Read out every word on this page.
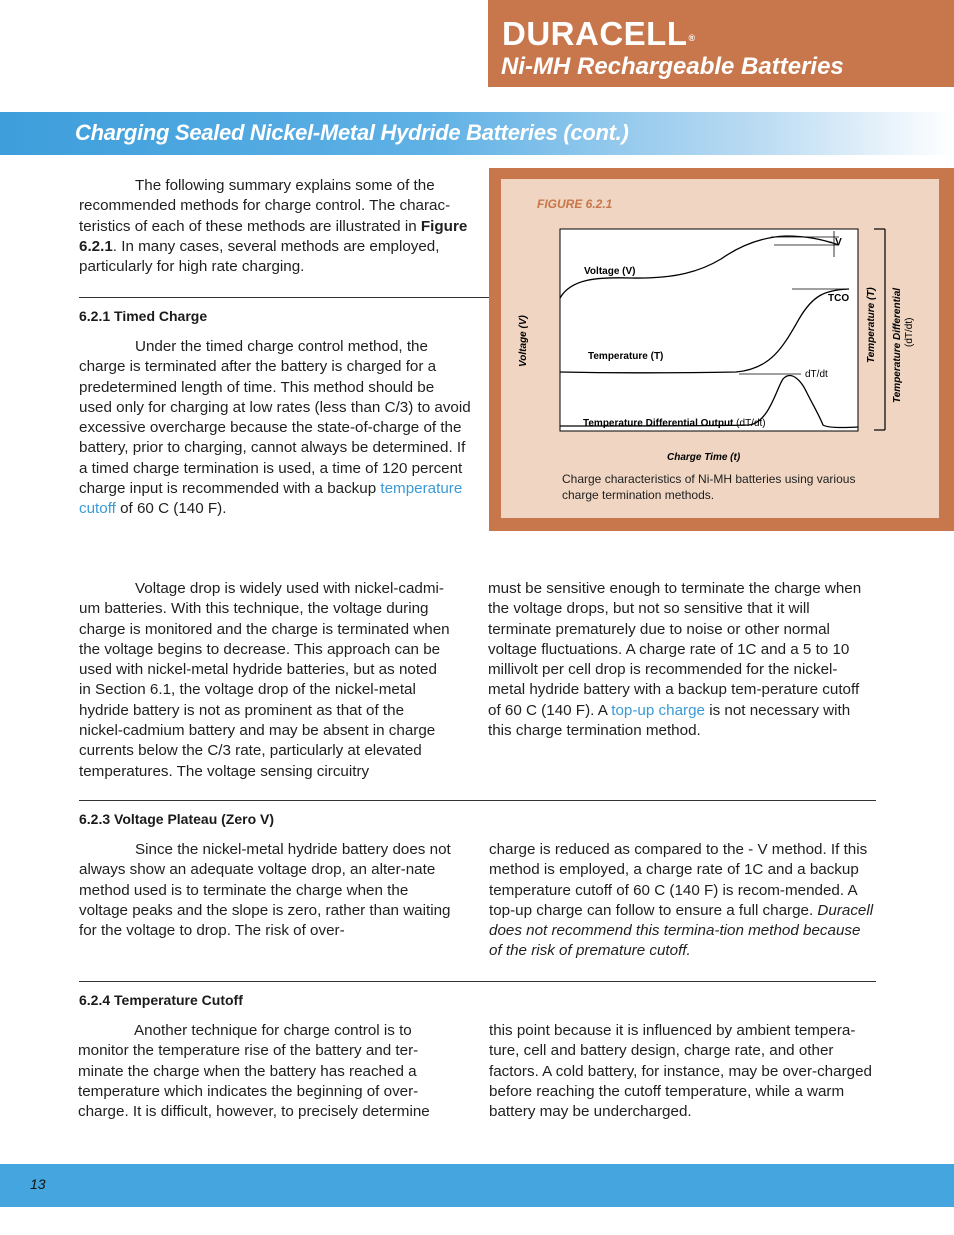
DURACELL®
Ni-MH Rechargeable Batteries
Charging Sealed Nickel-Metal Hydride Batteries (cont.)

The following summary explains some of the recommended methods for charge control. The charac-teristics of each of these methods are illustrated in Figure 6.2.1. In many cases, several methods are employed, particularly for high rate charging.

6.2.1 Timed Charge

Under the timed charge control method, the charge is terminated after the battery is charged for a predetermined length of time. This method should be used only for charging at low rates (less than C/3) to avoid excessive overcharge because the state-of-charge of the battery, prior to charging, cannot always be determined. If a timed charge termination is used, a time of 120 percent charge input is recommended with a backup temperature cutoff of 60 C (140 F).

FIGURE 6.2.1
Voltage (V)
Temperature (T)
Temperature Differential Output (dT/dt)
- V
TCO
dT/dt
Voltage (V)	Temperature (T) Temperature Differential (dT/dt)
Charge Time (t)
Charge characteristics of Ni-MH batteries using various charge termination methods.

Voltage drop is widely used with nickel-cadmi-um batteries. With this technique, the voltage during charge is monitored and the charge is terminated when the voltage begins to decrease. This approach can be used with nickel-metal hydride batteries, but as noted in Section 6.1, the voltage drop of the nickel-metal hydride battery is not as prominent as that of the nickel-cadmium battery and may be absent in charge currents below the C/3 rate, particularly at elevated temperatures. The voltage sensing circuitry

must be sensitive enough to terminate the charge when the voltage drops, but not so sensitive that it will terminate prematurely due to noise or other normal voltage fluctuations. A charge rate of 1C and a 5 to 10 millivolt per cell drop is recommended for the nickel-metal hydride battery with a backup tem-perature cutoff of 60 C (140 F). A top-up charge is not necessary with this charge termination method.

6.2.3 Voltage Plateau (Zero V)

Since the nickel-metal hydride battery does not always show an adequate voltage drop, an alter-nate method used is to terminate the charge when the voltage peaks and the slope is zero, rather than waiting for the voltage to drop. The risk of over-

charge is reduced as compared to the - V method. If this method is employed, a charge rate of 1C and a backup temperature cutoff of 60 C (140 F) is recom-mended. A top-up charge can follow to ensure a full charge. Duracell does not recommend this termina-tion method because of the risk of premature cutoff.

6.2.4 Temperature Cutoff

Another technique for charge control is to monitor the temperature rise of the battery and ter-minate the charge when the battery has reached a temperature which indicates the beginning of over-charge. It is difficult, however, to precisely determine

this point because it is influenced by ambient tempera-ture, cell and battery design, charge rate, and other factors. A cold battery, for instance, may be over-charged before reaching the cutoff temperature, while a warm battery may be undercharged.

13
